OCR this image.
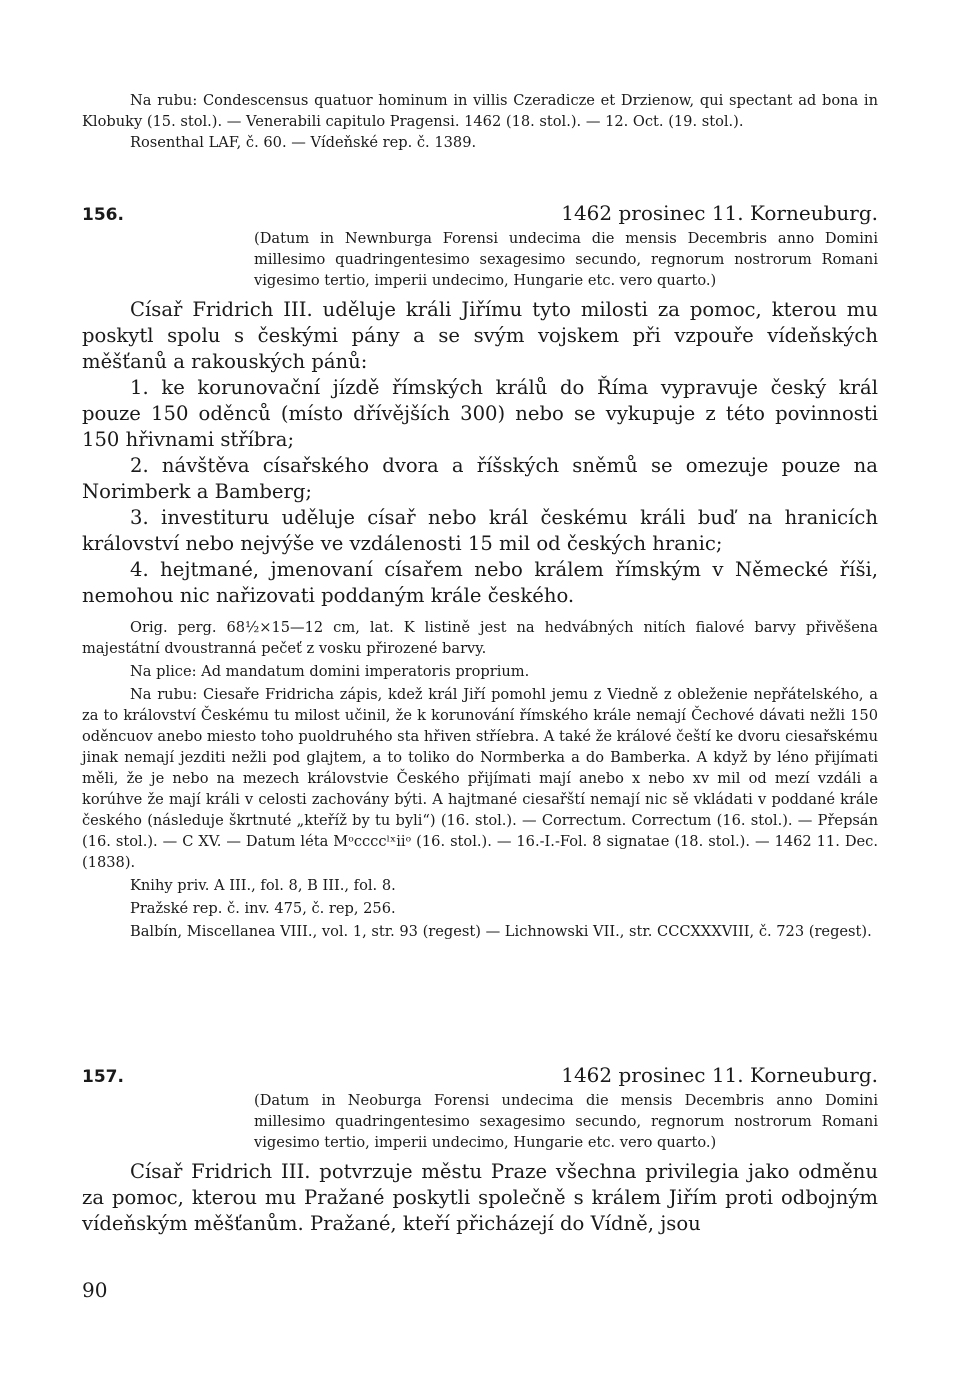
Na rubu: Condescensus quatuor hominum in villis Czeradicze et Drzienow, qui spectant ad bona in Klobuky (15. stol.). — Venerabili capitulo Pragensi. 1462 (18. stol.). — 12. Oct. (19. stol.).

Rosenthal LAF, č. 60. — Vídeňské rep. č. 1389.

156.	1462 prosinec 11. Korneuburg.
(Datum in Newnburga Forensi undecima die mensis Decembris anno Domini millesimo quadringentesimo sexagesimo secundo, regnorum nostrorum Romani vigesimo tertio, imperii undecimo, Hungarie etc. vero quarto.)

Císař Fridrich III. uděluje králi Jiřímu tyto milosti za pomoc, kterou mu poskytl spolu s českými pány a se svým vojskem při vzpouře vídeňských měšťanů a rakouských pánů:

1. ke korunovační jízdě římských králů do Říma vypravuje český král pouze 150 oděnců (místo dřívějších 300) nebo se vykupuje z této povinnosti 150 hřivnami stříbra;

2. návštěva císařského dvora a říšských sněmů se omezuje pouze na Norimberk a Bamberg;

3. investituru uděluje císař nebo král českému králi buď na hranicích království nebo nejvýše ve vzdálenosti 15 mil od českých hranic;

4. hejtmané, jmenovaní císařem nebo králem římským v Německé říši, nemohou nic nařizovati poddaným krále českého.

Orig. perg. 68½×15—12 cm, lat. K listině jest na hedvábných nitích fialové barvy přivěšena majestátní dvoustranná pečeť z vosku přirozené barvy.

Na plice: Ad mandatum domini imperatoris proprium.

Na rubu: Ciesaře Fridricha zápis, kdež král Jiří pomohl jemu z Viedně z obleženie nepřátelského, a za to království Českému tu milost učinil, že k korunování římského krále nemají Čechové dávati nežli 150 oděncuov anebo miesto toho puoldruhého sta hřiven stříebra. A také že králové čeští ke dvoru ciesařskému jinak nemají jezditi nežli pod glajtem, a to toliko do Normberka a do Bamberka. A když by léno přijímati měli, že je nebo na mezech královstvie Českého přijímati mají anebo x nebo xv mil od mezí vzdáli a korúhve že mají králi v celosti zachovány býti. A hajtmané ciesařští nemají nic sě vkládati v poddané krále českého (následuje škrtnuté „kteříž by tu byli“) (16. stol.). — Correctum. Correctum (16. stol.). — Přepsán (16. stol.). — C XV. — Datum léta Mᵒccccˡˣiiᵒ (16. stol.). — 16.-I.-Fol. 8 signatae (18. stol.). — 1462 11. Dec. (1838).

Knihy priv. A III., fol. 8, B III., fol. 8.

Pražské rep. č. inv. 475, č. rep, 256.

Balbín, Miscellanea VIII., vol. 1, str. 93 (regest) — Lichnowski VII., str. CCCXXXVIII, č. 723 (regest).

157.	1462 prosinec 11. Korneuburg.
(Datum in Neoburga Forensi undecima die mensis Decembris anno Domini millesimo quadringentesimo sexagesimo secundo, regnorum nostrorum Romani vigesimo tertio, imperii undecimo, Hungarie etc. vero quarto.)

Císař Fridrich III. potvrzuje městu Praze všechna privilegia jako odměnu za pomoc, kterou mu Pražané poskytli společně s králem Jiřím proti odbojným vídeňským měšťanům. Pražané, kteří přicházejí do Vídně, jsou

90
